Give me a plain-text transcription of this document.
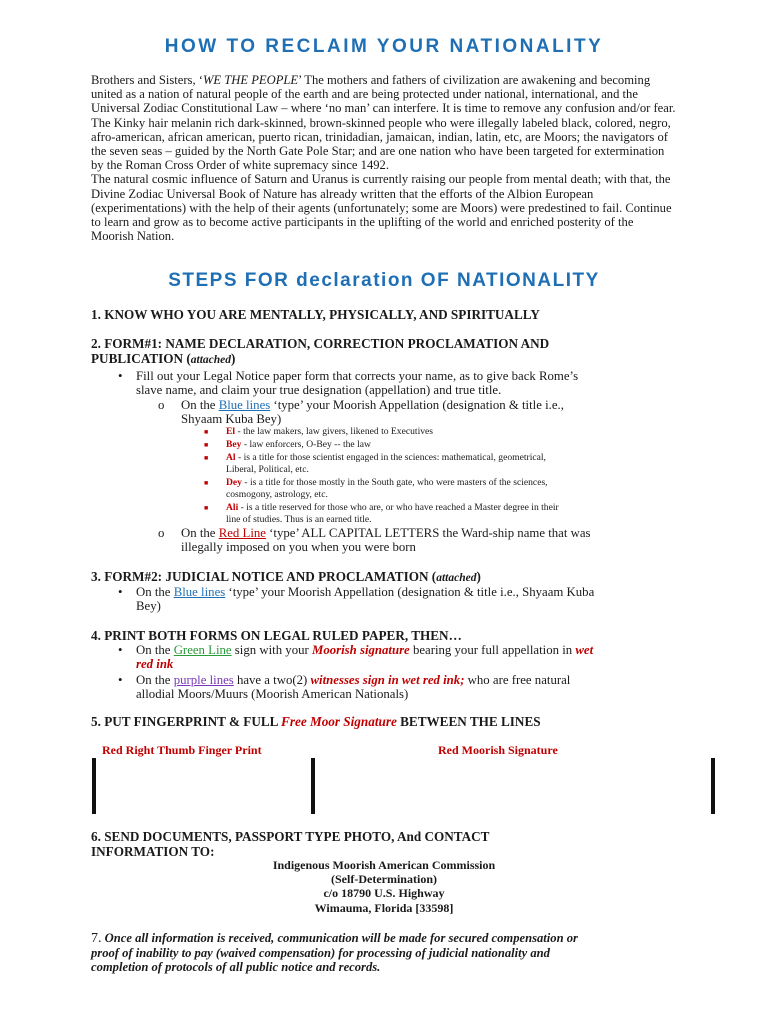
HOW TO RECLAIM YOUR NATIONALITY

Brothers and Sisters, ‘WE THE PEOPLE’ The mothers and fathers of civilization are awakening and becoming united as a nation of natural people of the earth and are being protected under national, international, and the Universal Zodiac Constitutional Law – where ‘no man’ can interfere. It is time to remove any confusion and/or fear. The Kinky hair melanin rich dark-skinned, brown-skinned people who were illegally labeled black, colored, negro, afro-american, african american, puerto rican, trinidadian, jamaican, indian, latin, etc, are Moors; the navigators of the seven seas – guided by the North Gate Pole Star; and are one nation who have been targeted for extermination by the Roman Cross Order of white supremacy since 1492.

The natural cosmic influence of Saturn and Uranus is currently raising our people from mental death; with that, the Divine Zodiac Universal Book of Nature has already written that the efforts of the Albion European (experimentations) with the help of their agents (unfortunately; some are Moors) were predestined to fail. Continue to learn and grow as to become active participants in the uplifting of the world and enriched posterity of the Moorish Nation.

STEPS FOR declaration OF NATIONALITY
1. KNOW WHO YOU ARE MENTALLY, PHYSICALLY, AND SPIRITUALLY
2. FORM#1: NAME DECLARATION, CORRECTION PROCLAMATION AND
PUBLICATION (attached)
• Fill out your Legal Notice paper form that corrects your name, as to give back Rome’s
slave name, and claim your true designation (appellation) and true title.
o On the Blue lines ‘type’ your Moorish Appellation (designation & title i.e.,
Shyaam Kuba Bey)
■ El - the law makers, law givers, likened to Executives
■ Bey - law enforcers, O-Bey -- the law
■ Al - is a title for those scientist engaged in the sciences: mathematical, geometrical,
Liberal, Political, etc.
■ Dey - is a title for those mostly in the South gate, who were masters of the sciences,
cosmogony, astrology, etc.
■ Ali - is a title reserved for those who are, or who have reached a Master degree in their
line of studies. Thus is an earned title.
o On the Red Line ‘type’ ALL CAPITAL LETTERS the Ward-ship name that was
illegally imposed on you when you were born
3. FORM#2: JUDICIAL NOTICE AND PROCLAMATION (attached)
• On the Blue lines ‘type’ your Moorish Appellation (designation & title i.e., Shyaam Kuba
Bey)
4. PRINT BOTH FORMS ON LEGAL RULED PAPER, THEN…
• On the Green Line sign with your Moorish signature bearing your full appellation in wet
red ink
• On the purple lines have a two(2) witnesses sign in wet red ink; who are free natural
allodial Moors/Muurs (Moorish American Nationals)
5. PUT FINGERPRINT & FULL Free Moor Signature BETWEEN THE LINES
Red Right Thumb Finger Print	Red Moorish Signature
6. SEND DOCUMENTS, PASSPORT TYPE PHOTO, And CONTACT
INFORMATION TO:
Indigenous Moorish American Commission
(Self-Determination)
c/o 18790 U.S. Highway
Wimauma, Florida [33598]
7. Once all information is received, communication will be made for secured compensation or
proof of inability to pay (waived compensation) for processing of judicial nationality and
completion of protocols of all public notice and records.
